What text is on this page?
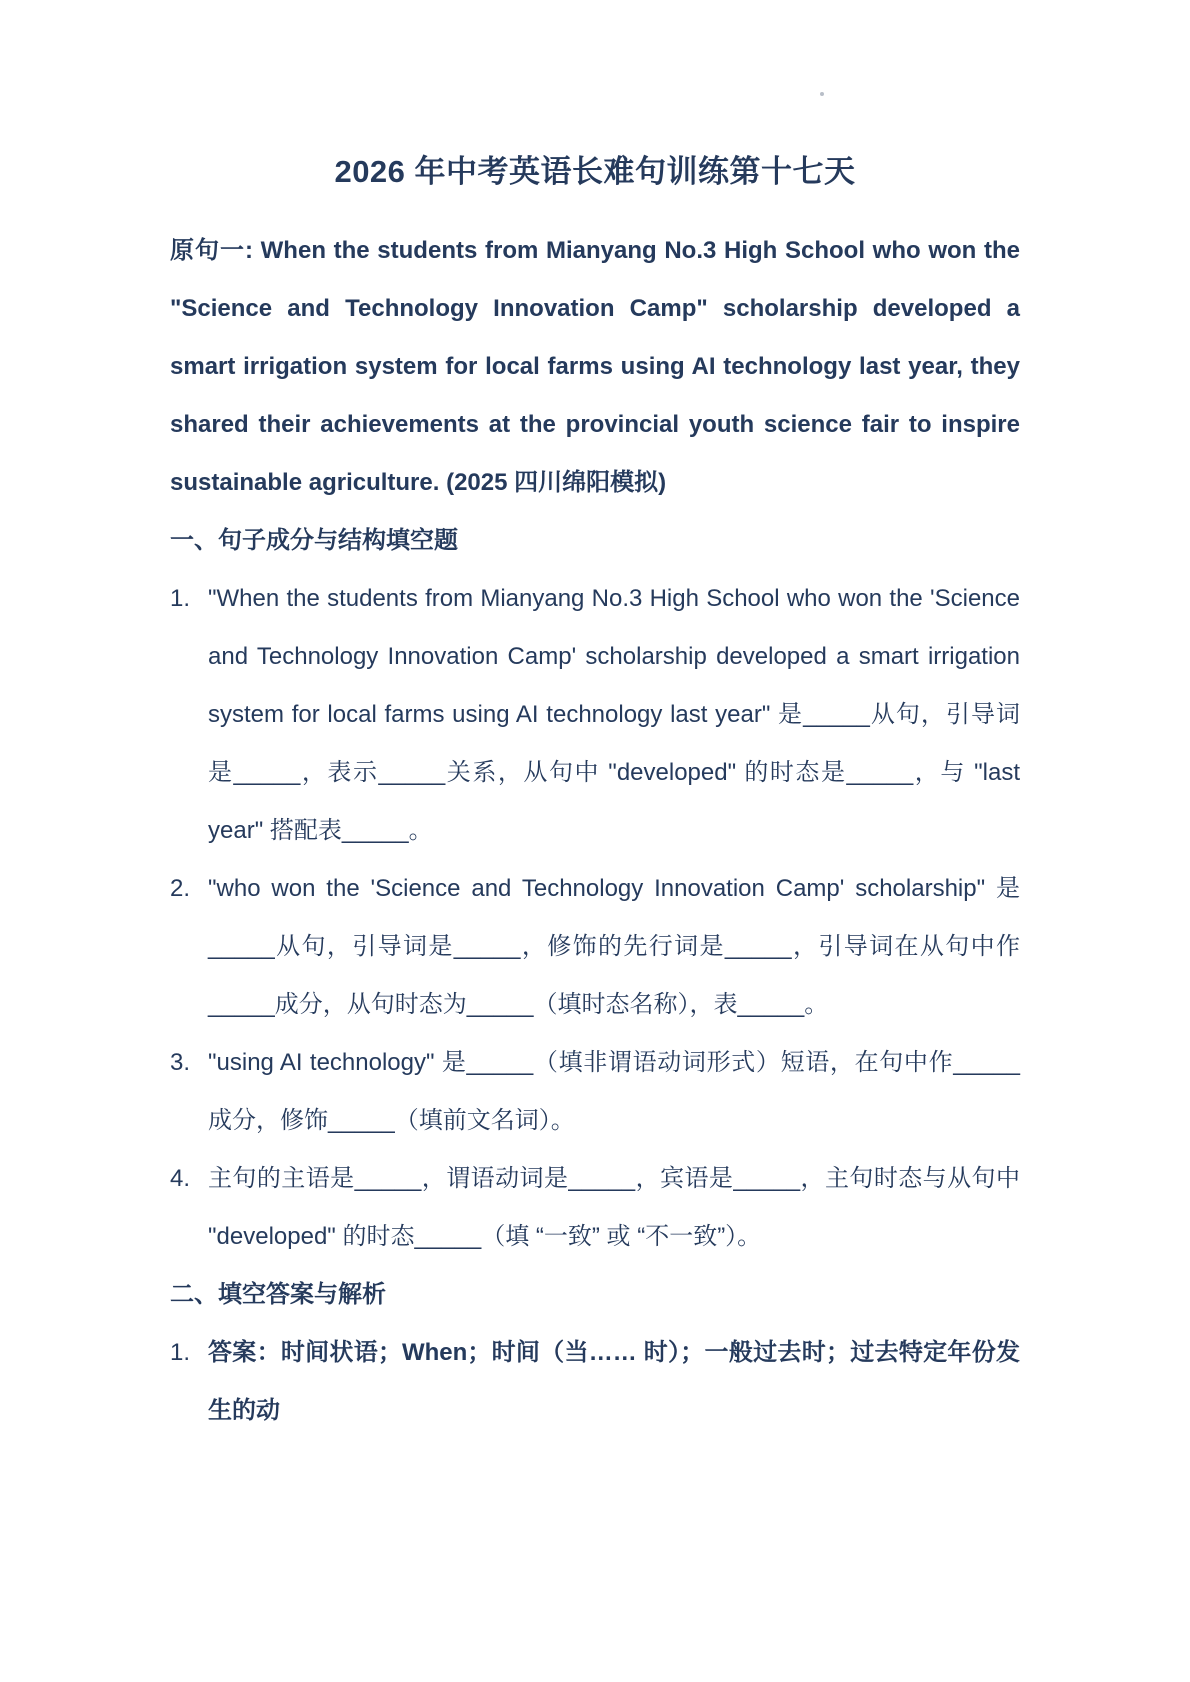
2026 年中考英语长难句训练第十七天

原句一: When the students from Mianyang No.3 High School who won the "Science and Technology Innovation Camp" scholarship developed a smart irrigation system for local farms using AI technology last year, they shared their achievements at the provincial youth science fair to inspire sustainable agriculture. (2025 四川绵阳模拟)

一、句子成分与结构填空题

1. "When the students from Mianyang No.3 High School who won the 'Science and Technology Innovation Camp' scholarship developed a smart irrigation system for local farms using AI technology last year" 是_____从句，引导词是_____，表示_____关系，从句中 "developed" 的时态是_____，与 "last year" 搭配表_____。
2. "who won the 'Science and Technology Innovation Camp' scholarship" 是_____从句，引导词是_____，修饰的先行词是_____，引导词在从句中作_____成分，从句时态为_____（填时态名称），表_____。
3. "using AI technology" 是_____（填非谓语动词形式）短语，在句中作_____成分，修饰_____（填前文名词）。
4. 主句的主语是_____，谓语动词是_____，宾语是_____，主句时态与从句中 "developed" 的时态_____（填 “一致” 或 “不一致”）。

二、填空答案与解析

1. 答案：时间状语；When；时间（当…… 时）；一般过去时；过去特定年份发生的动
